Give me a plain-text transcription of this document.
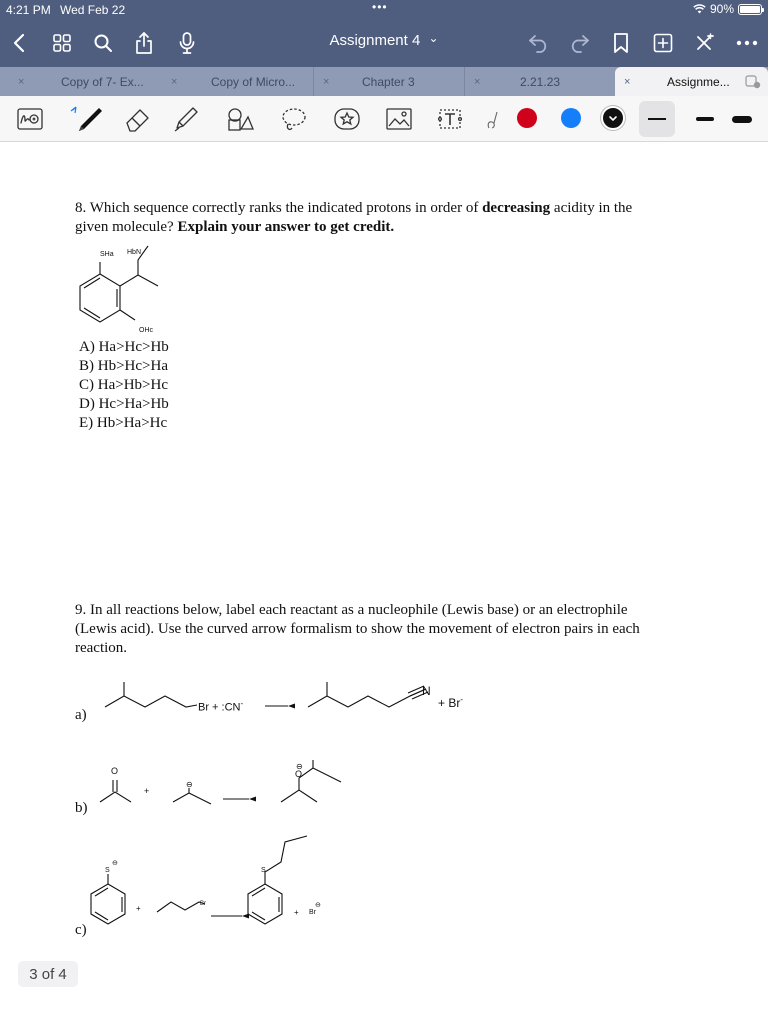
4:21 PM Wed Feb 22	•••	90%
Assignment 4 ⌄
×	Copy of 7- Ex... ×	Copy of Micro...	×	Chapter 3	×	2.21.23	×	Assignme...
8. Which sequence correctly ranks the indicated protons in order of decreasing acidity in the
given molecule? Explain your answer to get credit.
SHa HbN
OHc
A) Ha>Hc>Hb
B) Hb>Hc>Ha
C) Ha>Hb>Hc
D) Hc>Ha>Hb
E) Hb>Ha>Hc
9. In all reactions below, label each reactant as a nucleophile (Lewis base) or an electrophile
(Lewis acid). Use the curved arrow formalism to show the movement of electron pairs in each
reaction.
a)	Br + :CN-
N
+ Br-
b)
O
+
⊖
⊖
O
c)
S
⊖
+	Br
S
+ Br
⊖
3 of 4
